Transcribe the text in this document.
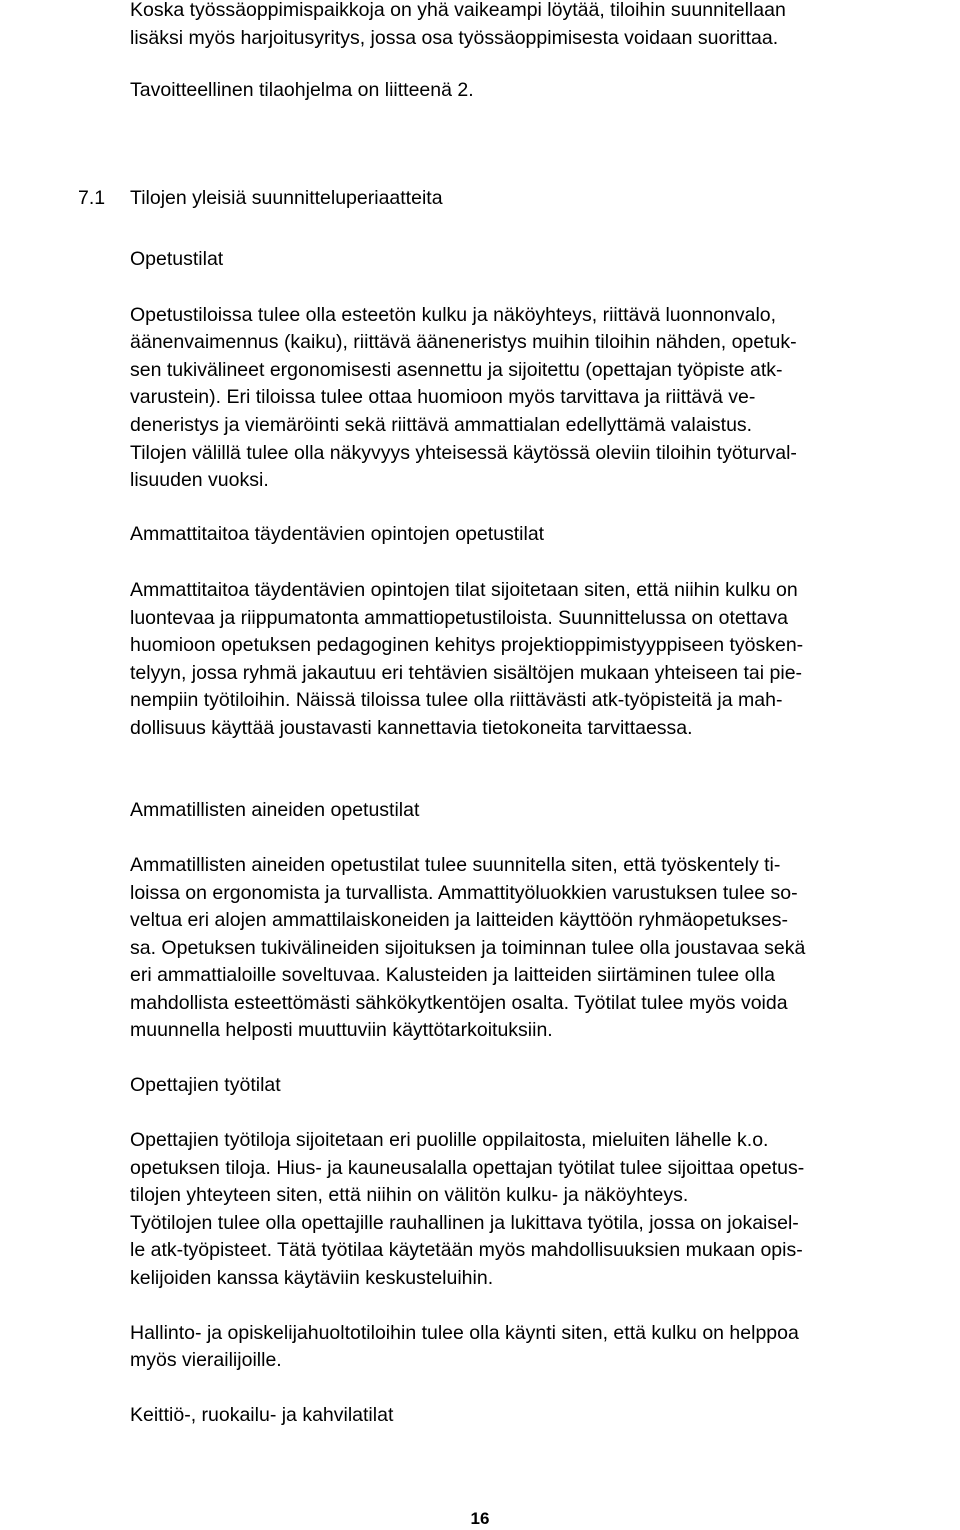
Koska työssäoppimispaikkoja on yhä vaikeampi löytää, tiloihin suunnitellaan

lisäksi myös harjoitusyritys, jossa osa työssäoppimisesta voidaan suorittaa.

Tavoitteellinen tilaohjelma on liitteenä 2.

7.1 Tilojen yleisiä suunnitteluperiaatteita

Opetustilat

Opetustiloissa tulee olla esteetön kulku ja näköyhteys, riittävä luonnonvalo,

äänenvaimennus (kaiku), riittävä ääneneristys muihin tiloihin nähden, opetuk-

sen tukivälineet ergonomisesti asennettu ja sijoitettu (opettajan työpiste atk-

varustein). Eri tiloissa tulee ottaa huomioon myös tarvittava ja riittävä ve-

deneristys ja viemäröinti sekä riittävä ammattialan edellyttämä valaistus.

Tilojen välillä tulee olla näkyvyys yhteisessä käytössä oleviin tiloihin työturval-

lisuuden vuoksi.

Ammattitaitoa täydentävien opintojen opetustilat

Ammattitaitoa täydentävien opintojen tilat sijoitetaan siten, että niihin kulku on

luontevaa ja riippumatonta ammattiopetustiloista. Suunnittelussa on otettava

huomioon opetuksen pedagoginen kehitys projektioppimistyyppiseen työsken-

telyyn, jossa ryhmä jakautuu eri tehtävien sisältöjen mukaan yhteiseen tai pie-

nempiin työtiloihin. Näissä tiloissa tulee olla riittävästi atk-työpisteitä ja mah-

dollisuus käyttää joustavasti kannettavia tietokoneita tarvittaessa.

Ammatillisten aineiden opetustilat

Ammatillisten aineiden opetustilat tulee suunnitella siten, että työskentely ti-

loissa on ergonomista ja turvallista. Ammattityöluokkien varustuksen tulee so-

veltua eri alojen ammattilaiskoneiden ja laitteiden käyttöön ryhmäopetukses-

sa. Opetuksen tukivälineiden sijoituksen ja toiminnan tulee olla joustavaa sekä

eri ammattialoille soveltuvaa. Kalusteiden ja laitteiden siirtäminen tulee olla

mahdollista esteettömästi sähkökytkentöjen osalta. Työtilat tulee myös voida

muunnella helposti muuttuviin käyttötarkoituksiin.

Opettajien työtilat

Opettajien työtiloja sijoitetaan eri puolille oppilaitosta, mieluiten lähelle k.o.

opetuksen tiloja. Hius- ja kauneusalalla opettajan työtilat tulee sijoittaa opetus-

tilojen yhteyteen siten, että niihin on välitön kulku- ja näköyhteys.

Työtilojen tulee olla opettajille rauhallinen ja lukittava työtila, jossa on jokaisel-

le atk-työpisteet. Tätä työtilaa käytetään myös mahdollisuuksien mukaan opis-

kelijoiden kanssa käytäviin keskusteluihin.

Hallinto- ja opiskelijahuoltotiloihin tulee olla käynti siten, että kulku on helppoa

myös vierailijoille.

Keittiö-, ruokailu- ja kahvilatilat

16
